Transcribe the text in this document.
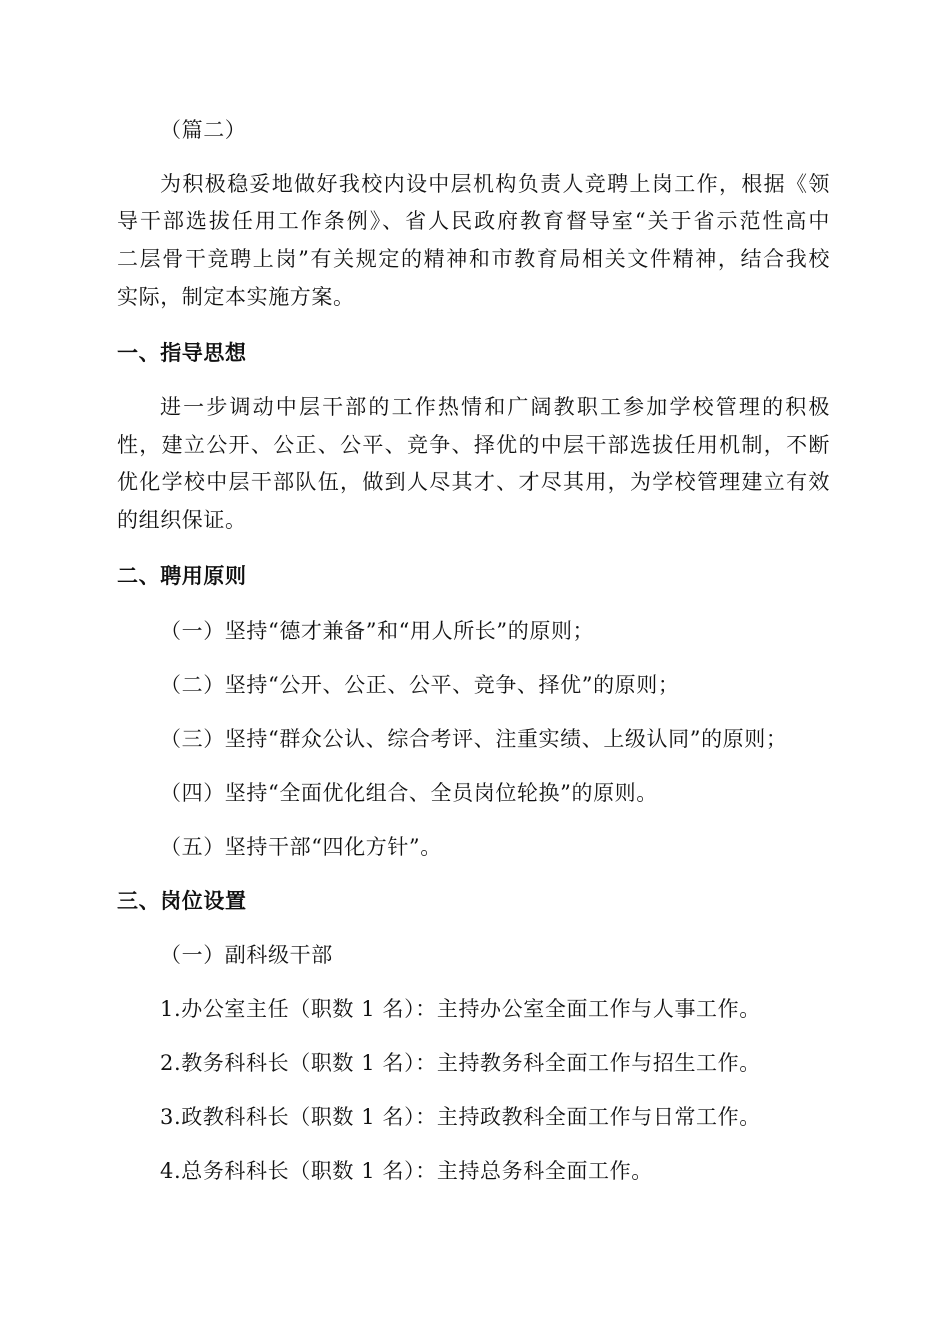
（篇二）
为积极稳妥地做好我校内设中层机构负责人竞聘上岗工作，根据《领
导干部选拔任用工作条例》、省人民政府教育督导室“关于省示范性高中
二层骨干竞聘上岗”有关规定的精神和市教育局相关文件精神，结合我校
实际，制定本实施方案。
一、指导思想
进一步调动中层干部的工作热情和广阔教职工参加学校管理的积极
性，建立公开、公正、公平、竞争、择优的中层干部选拔任用机制，不断
优化学校中层干部队伍，做到人尽其才、才尽其用，为学校管理建立有效
的组织保证。
二、聘用原则
（一）坚持“德才兼备”和“用人所长”的原则；
（二）坚持“公开、公正、公平、竞争、择优”的原则；
（三）坚持“群众公认、综合考评、注重实绩、上级认同”的原则；
（四）坚持“全面优化组合、全员岗位轮换”的原则。
（五）坚持干部“四化方针”。
三、岗位设置
（一）副科级干部
1.办公室主任（职数 1 名）：主持办公室全面工作与人事工作。
2.教务科科长（职数 1 名）：主持教务科全面工作与招生工作。
3.政教科科长（职数 1 名）：主持政教科全面工作与日常工作。
4.总务科科长（职数 1 名）：主持总务科全面工作。
